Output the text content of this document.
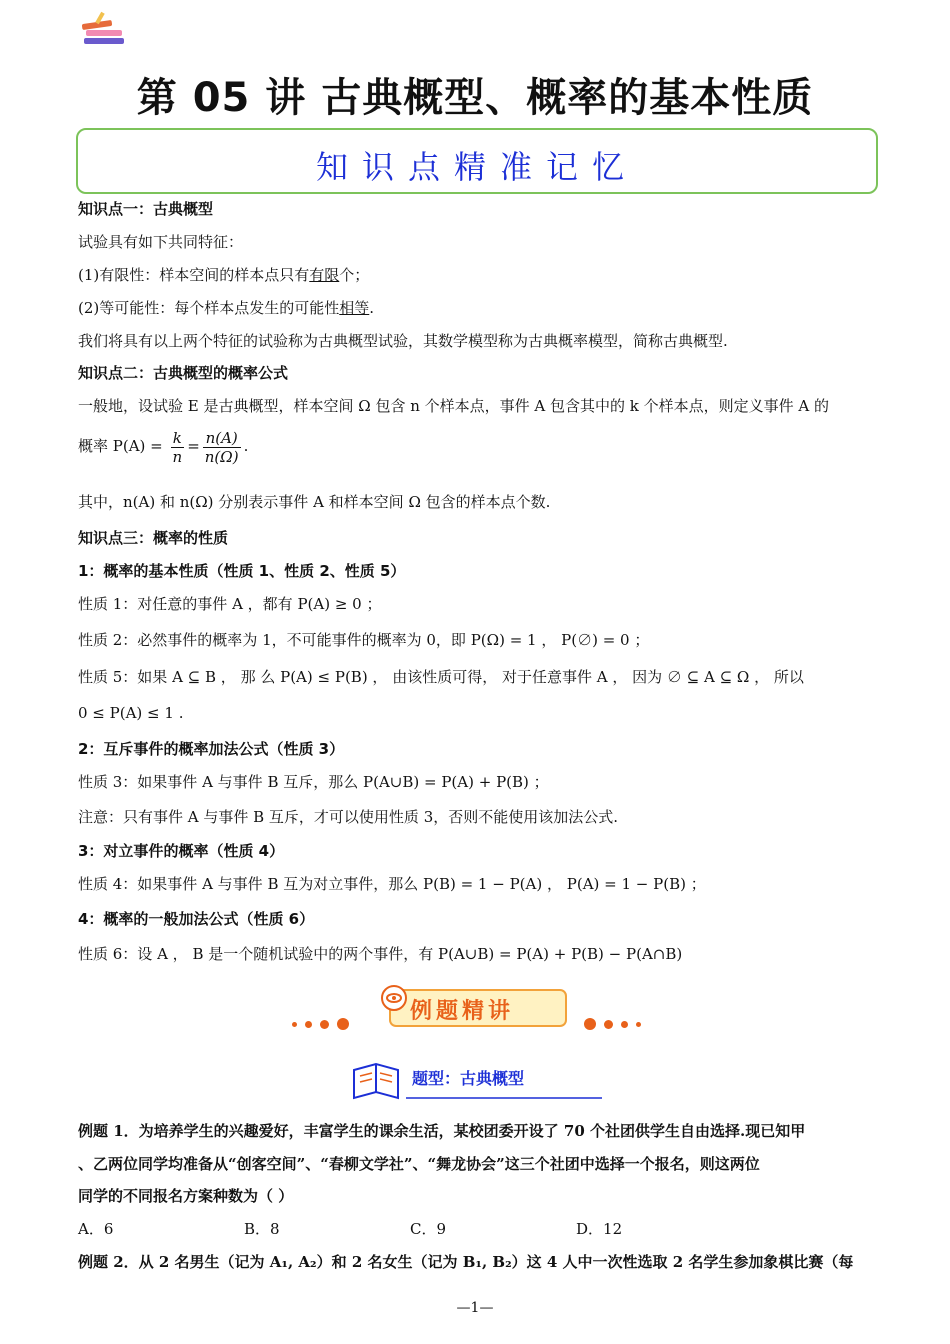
第 05 讲 古典概型、概率的基本性质
知识点精准记忆
知识点一：古典概型
试验具有如下共同特征：
(1)有限性：样本空间的样本点只有有限个；
(2)等可能性：每个样本点发生的可能性相等.
我们将具有以上两个特征的试验称为古典概型试验，其数学模型称为古典概率模型，简称古典概型.
知识点二：古典概型的概率公式
一般地，设试验 E 是古典概型，样本空间 Ω 包含 n 个样本点，事件 A 包含其中的 k 个样本点，则定义事件 A 的
概率 $P(A) = \frac{k}{n} = \frac{n(A)}{n(\Omega)}$ .
其中，n(A) 和 n(Ω) 分别表示事件 A 和样本空间 Ω 包含的样本点个数.
知识点三：概率的性质
1：概率的基本性质（性质 1、性质 2、性质 5）
性质 1：对任意的事件 A ，都有 P(A) ≥ 0 ；
性质 2：必然事件的概率为 1，不可能事件的概率为 0，即 P(Ω) = 1 ， P(∅) = 0 ；
性质 5：如果 A ⊆ B ， 那 么 P(A) ≤ P(B) ， 由该性质可得， 对于任意事件 A ， 因为 ∅ ⊆ A ⊆ Ω ， 所以
0 ≤ P(A) ≤ 1 .
2：互斥事件的概率加法公式（性质 3）
性质 3：如果事件 A 与事件 B 互斥，那么 P(A∪B) = P(A) + P(B) ；
注意：只有事件 A 与事件 B 互斥，才可以使用性质 3，否则不能使用该加法公式.
3：对立事件的概率（性质 4）
性质 4：如果事件 A 与事件 B 互为对立事件，那么 P(B) = 1 − P(A) ， P(A) = 1 − P(B) ；
4：概率的一般加法公式（性质 6）
性质 6：设 A ， B 是一个随机试验中的两个事件，有 P(A∪B) = P(A) + P(B) − P(A∩B)
例题精讲
题型：古典概型
例题 1．为培养学生的兴趣爱好，丰富学生的课余生活，某校团委开设了 70 个社团供学生自由选择.现已知甲
、乙两位同学均准备从“创客空间”、“春柳文学社”、“舞龙协会”这三个社团中选择一个报名，则这两位
同学的不同报名方案种数为（ ）
A．6	B．8	C．9	D．12
例题 2．从 2 名男生（记为 A₁, A₂）和 2 名女生（记为 B₁, B₂）这 4 人中一次性选取 2 名学生参加象棋比赛（每
—1—
